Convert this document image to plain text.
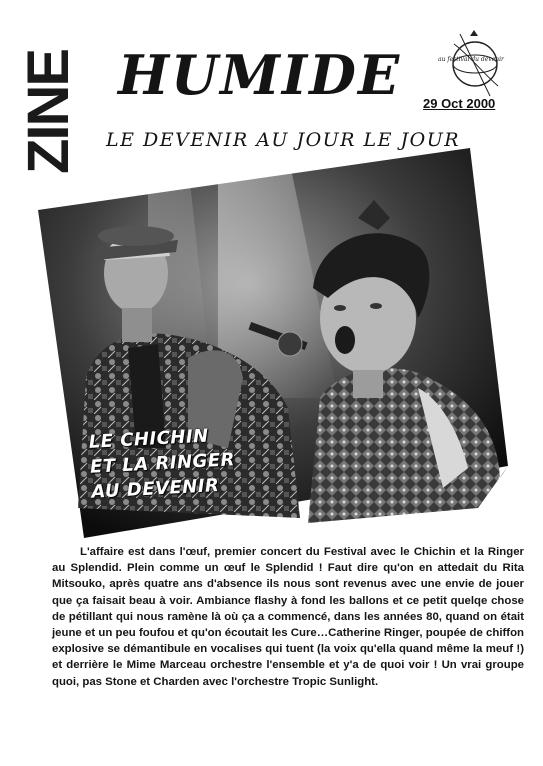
ZINE HUMIDE	au festival du devenir
29 Oct 2000
LE DEVENIR AU JOUR LE JOUR
LE CHICHIN
ET LA RINGER
AU DEVENIR

L'affaire est dans l'œuf, premier concert du Festival avec le Chichin et la Ringer au Splendid. Plein comme un œuf le Splendid ! Faut dire qu'on en attedait du Rita Mitsouko, après quatre ans d'absence ils nous sont revenus avec une envie de jouer que ça faisait beau à voir. Ambiance flashy à fond les ballons et ce petit quelqe chose de pétillant qui nous ramène là où ça a commencé, dans les années 80, quand on était jeune et un peu foufou et qu'on écoutait les Cure…Catherine Ringer, poupée de chiffon explosive se démantibule en vocalises qui tuent (la voix qu'ella quand même la meuf !) et derrière le Mime Marceau orchestre l'ensemble et y'a de quoi voir ! Un vrai groupe quoi, pas Stone et Charden avec l'orchestre Tropic Sunlight.
